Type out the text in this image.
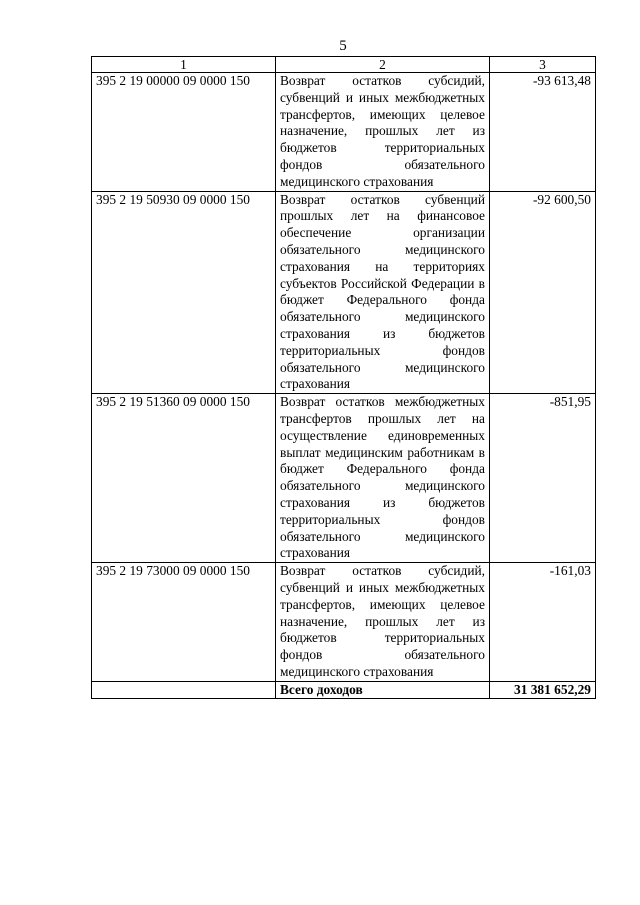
5
1	2	3
395 2 19 00000 09 0000 150	Возврат остатков субсидий, субвенций и иных межбюджетных трансфертов, имеющих целевое назначение, прошлых лет из бюджетов территориальных фондов обязательного медицинского страхования	-93 613,48
395 2 19 50930 09 0000 150	Возврат остатков субвенций прошлых лет на финансовое обеспечение организации обязательного медицинского страхования на территориях субъектов Российской Федерации в бюджет Федерального фонда обязательного медицинского страхования из бюджетов территориальных фондов обязательного медицинского страхования	-92 600,50
395 2 19 51360 09 0000 150	Возврат остатков межбюджетных трансфертов прошлых лет на осуществление единовременных выплат медицинским работникам в бюджет Федерального фонда обязательного медицинского страхования из бюджетов территориальных фондов обязательного медицинского страхования	-851,95
395 2 19 73000 09 0000 150	Возврат остатков субсидий, субвенций и иных межбюджетных трансфертов, имеющих целевое назначение, прошлых лет из бюджетов территориальных фондов обязательного медицинского страхования	-161,03
	Всего доходов	31 381 652,29
